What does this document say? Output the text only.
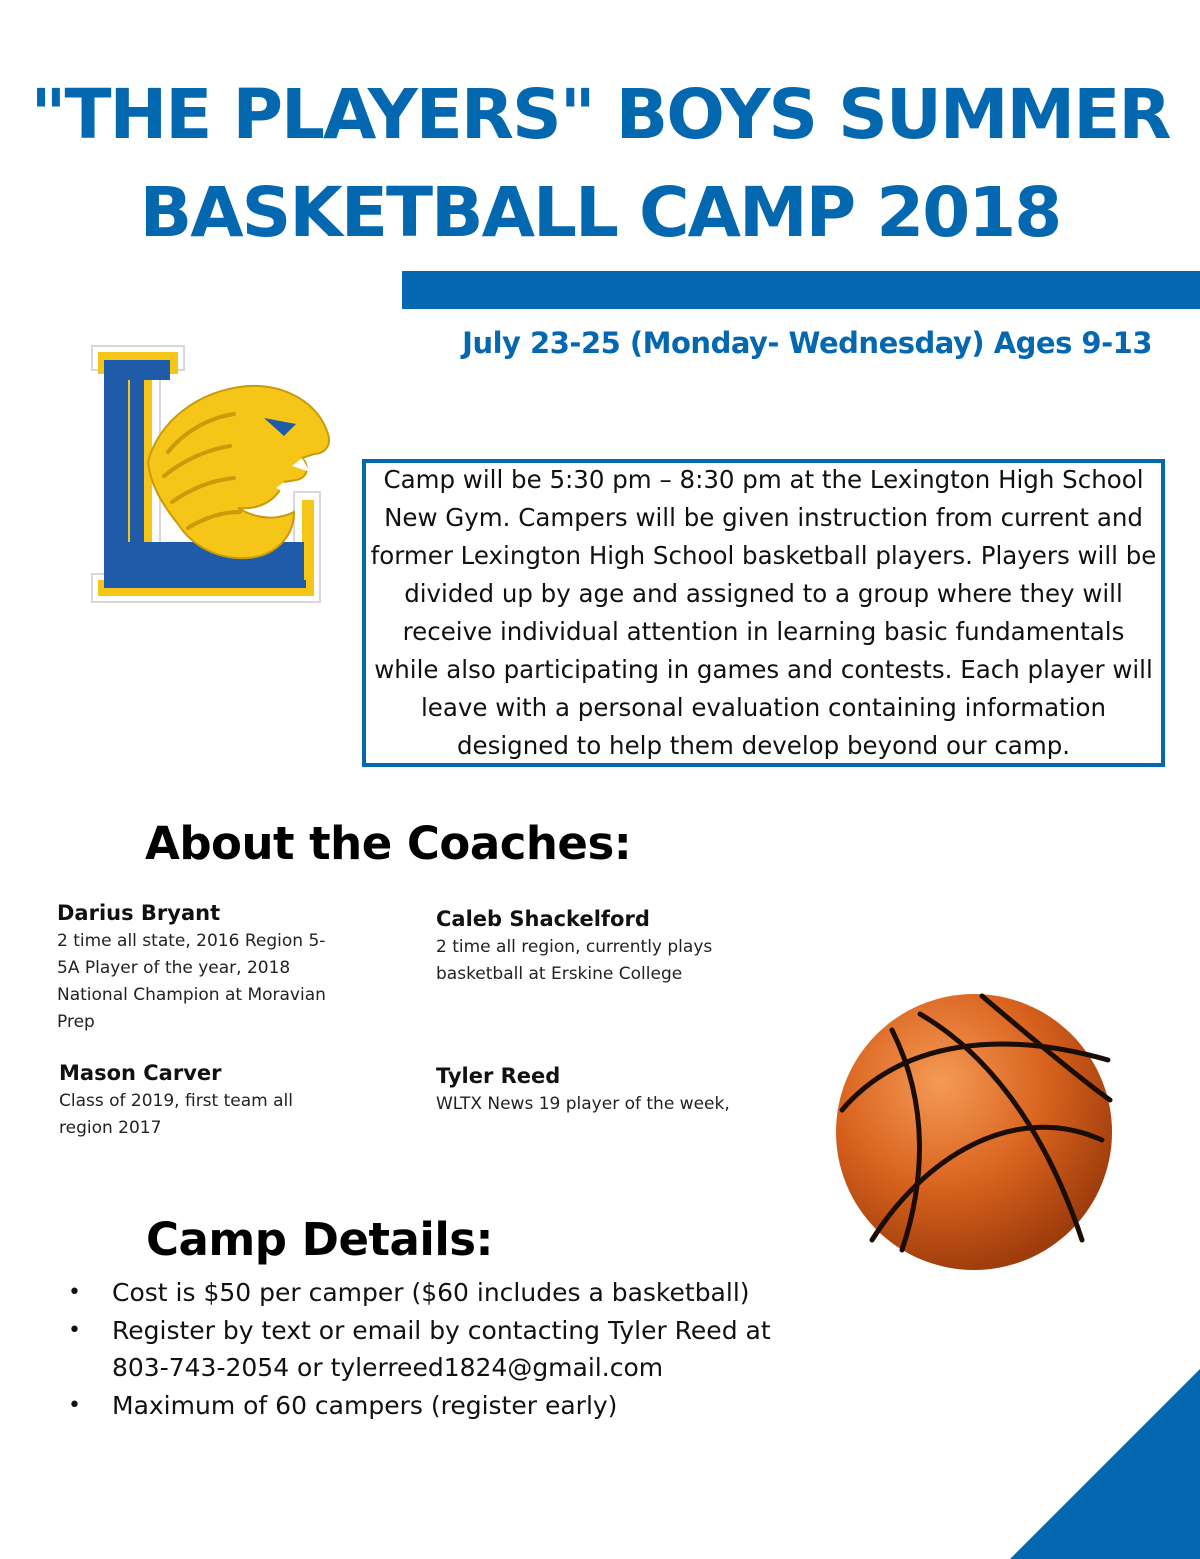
"THE PLAYERS" BOYS SUMMER
BASKETBALL CAMP 2018
July 23-25 (Monday- Wednesday) Ages 9-13
Camp will be 5:30 pm – 8:30 pm at the Lexington High School New Gym. Campers will be given instruction from current and former Lexington High School basketball players. Players will be divided up by age and assigned to a group where they will receive individual attention in learning basic fundamentals while also participating in games and contests. Each player will leave with a personal evaluation containing information designed to help them develop beyond our camp.
About the Coaches:
Darius Bryant
2 time all state, 2016 Region 5-5A Player of the year, 2018 National Champion at Moravian Prep
Caleb Shackelford
2 time all region, currently plays basketball at Erskine College
Mason Carver
Class of 2019, first team all region 2017
Tyler Reed
WLTX News 19 player of the week,
Camp Details:
• Cost is $50 per camper ($60 includes a basketball)
• Register by text or email by contacting Tyler Reed at 803-743-2054 or tylerreed1824@gmail.com
• Maximum of 60 campers (register early)
